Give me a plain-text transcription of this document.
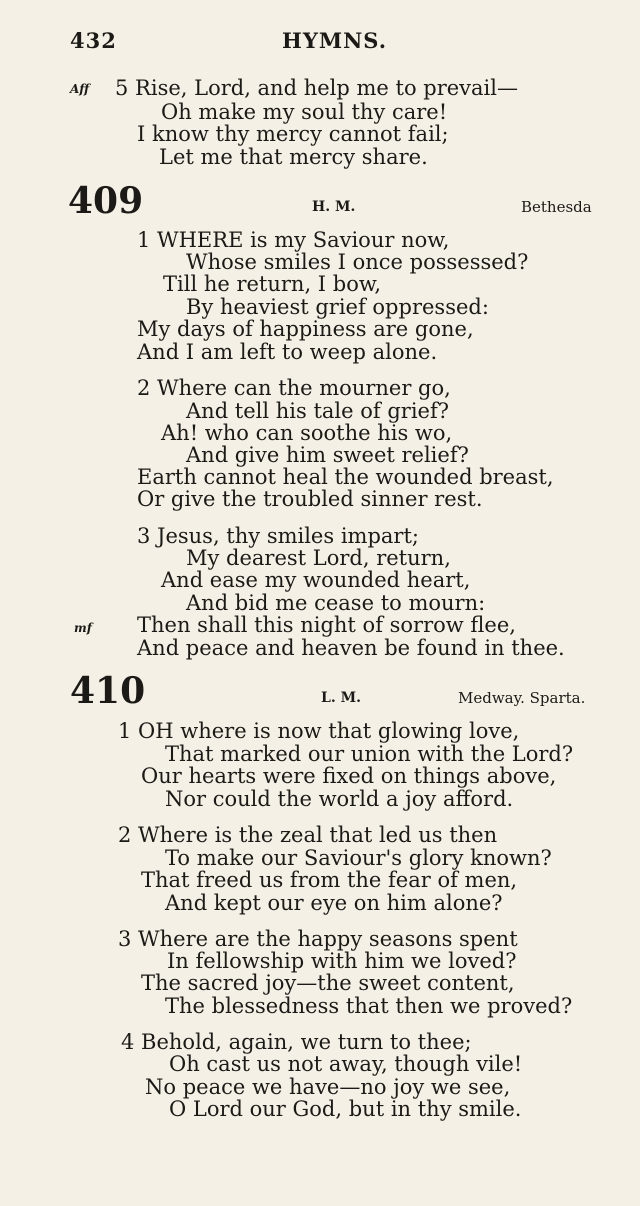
432	HYMNS.
Aff 5 Rise, Lord, and help me to prevail—
Oh make my soul thy care!
I know thy mercy cannot fail;
Let me that mercy share.
409	H. M.	Bethesda
1 WHERE is my Saviour now,
Whose smiles I once possessed?
Till he return, I bow,
By heaviest grief oppressed:
My days of happiness are gone,
And I am left to weep alone.
2 Where can the mourner go,
And tell his tale of grief?
Ah! who can soothe his wo,
And give him sweet relief?
Earth cannot heal the wounded breast,
Or give the troubled sinner rest.
3 Jesus, thy smiles impart;
My dearest Lord, return,
And ease my wounded heart,
And bid me cease to mourn:
mf Then shall this night of sorrow flee,
And peace and heaven be found in thee.
410	L. M.	Medway. Sparta.
1 OH where is now that glowing love,
That marked our union with the Lord?
Our hearts were fixed on things above,
Nor could the world a joy afford.
2 Where is the zeal that led us then
To make our Saviour's glory known?
That freed us from the fear of men,
And kept our eye on him alone?
3 Where are the happy seasons spent
In fellowship with him we loved?
The sacred joy—the sweet content,
The blessedness that then we proved?
4 Behold, again, we turn to thee;
Oh cast us not away, though vile!
No peace we have—no joy we see,
O Lord our God, but in thy smile.
